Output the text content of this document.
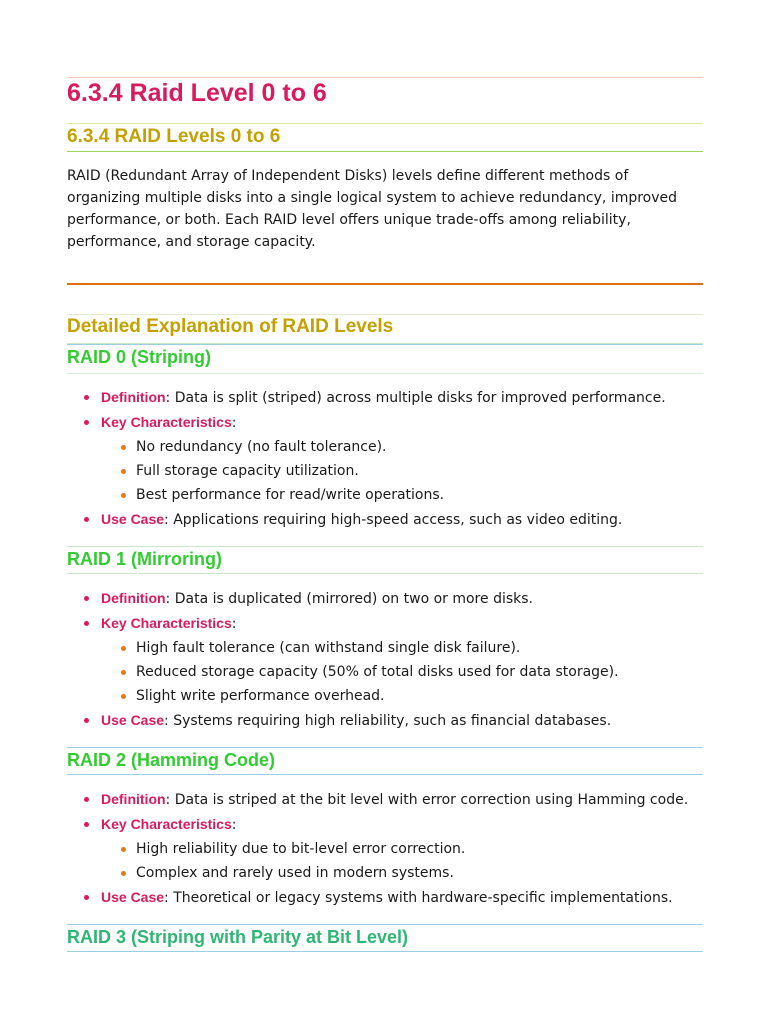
6.3.4 Raid Level 0 to 6
6.3.4 RAID Levels 0 to 6

RAID (Redundant Array of Independent Disks) levels define different methods of organizing multiple disks into a single logical system to achieve redundancy, improved performance, or both. Each RAID level offers unique trade-offs among reliability, performance, and storage capacity.

Detailed Explanation of RAID Levels
RAID 0 (Striping)
Definition: Data is split (striped) across multiple disks for improved performance.
Key Characteristics:
No redundancy (no fault tolerance).
Full storage capacity utilization.
Best performance for read/write operations.
Use Case: Applications requiring high-speed access, such as video editing.
RAID 1 (Mirroring)
Definition: Data is duplicated (mirrored) on two or more disks.
Key Characteristics:
High fault tolerance (can withstand single disk failure).
Reduced storage capacity (50% of total disks used for data storage).
Slight write performance overhead.
Use Case: Systems requiring high reliability, such as financial databases.
RAID 2 (Hamming Code)
Definition: Data is striped at the bit level with error correction using Hamming code.
Key Characteristics:
High reliability due to bit-level error correction.
Complex and rarely used in modern systems.
Use Case: Theoretical or legacy systems with hardware-specific implementations.
RAID 3 (Striping with Parity at Bit Level)
